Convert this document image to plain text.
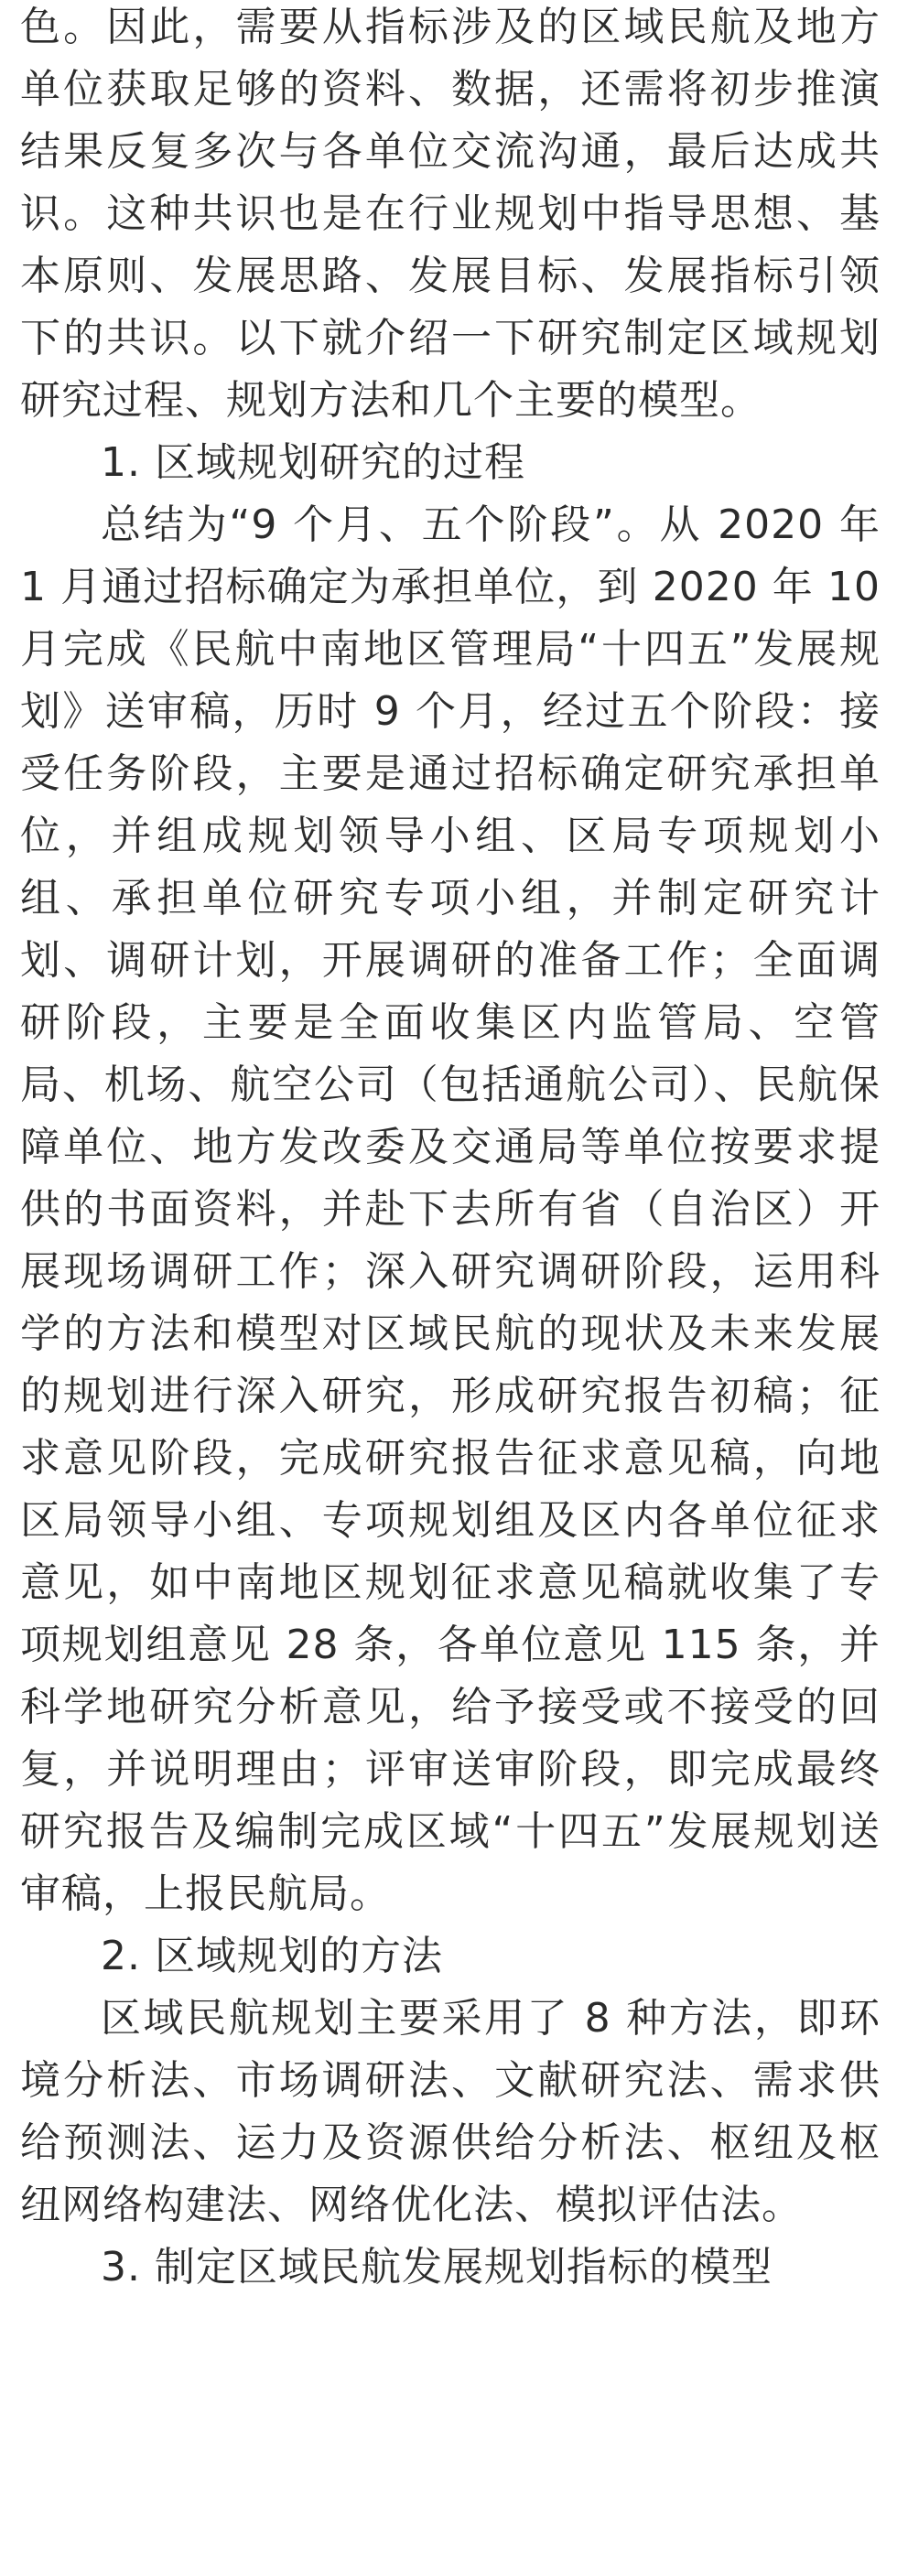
色。因此，需要从指标涉及的区域民航及地方单位获取足够的资料、数据，还需将初步推演结果反复多次与各单位交流沟通，最后达成共识。这种共识也是在行业规划中指导思想、基本原则、发展思路、发展目标、发展指标引领下的共识。以下就介绍一下研究制定区域规划研究过程、规划方法和几个主要的模型。

1. 区域规划研究的过程

总结为“9 个月、五个阶段”。从 2020 年 1 月通过招标确定为承担单位，到 2020 年 10 月完成《民航中南地区管理局“十四五”发展规划》送审稿，历时 9 个月，经过五个阶段：接受任务阶段，主要是通过招标确定研究承担单位，并组成规划领导小组、区局专项规划小组、承担单位研究专项小组，并制定研究计划、调研计划，开展调研的准备工作；全面调研阶段，主要是全面收集区内监管局、空管局、机场、航空公司（包括通航公司）、民航保障单位、地方发改委及交通局等单位按要求提供的书面资料，并赴下去所有省（自治区）开展现场调研工作；深入研究调研阶段，运用科学的方法和模型对区域民航的现状及未来发展的规划进行深入研究，形成研究报告初稿；征求意见阶段，完成研究报告征求意见稿，向地区局领导小组、专项规划组及区内各单位征求意见，如中南地区规划征求意见稿就收集了专项规划组意见 28 条，各单位意见 115 条，并科学地研究分析意见，给予接受或不接受的回复，并说明理由；评审送审阶段，即完成最终研究报告及编制完成区域“十四五”发展规划送审稿，上报民航局。

2. 区域规划的方法

区域民航规划主要采用了 8 种方法，即环境分析法、市场调研法、文献研究法、需求供给预测法、运力及资源供给分析法、枢纽及枢纽网络构建法、网络优化法、模拟评估法。

3. 制定区域民航发展规划指标的模型
